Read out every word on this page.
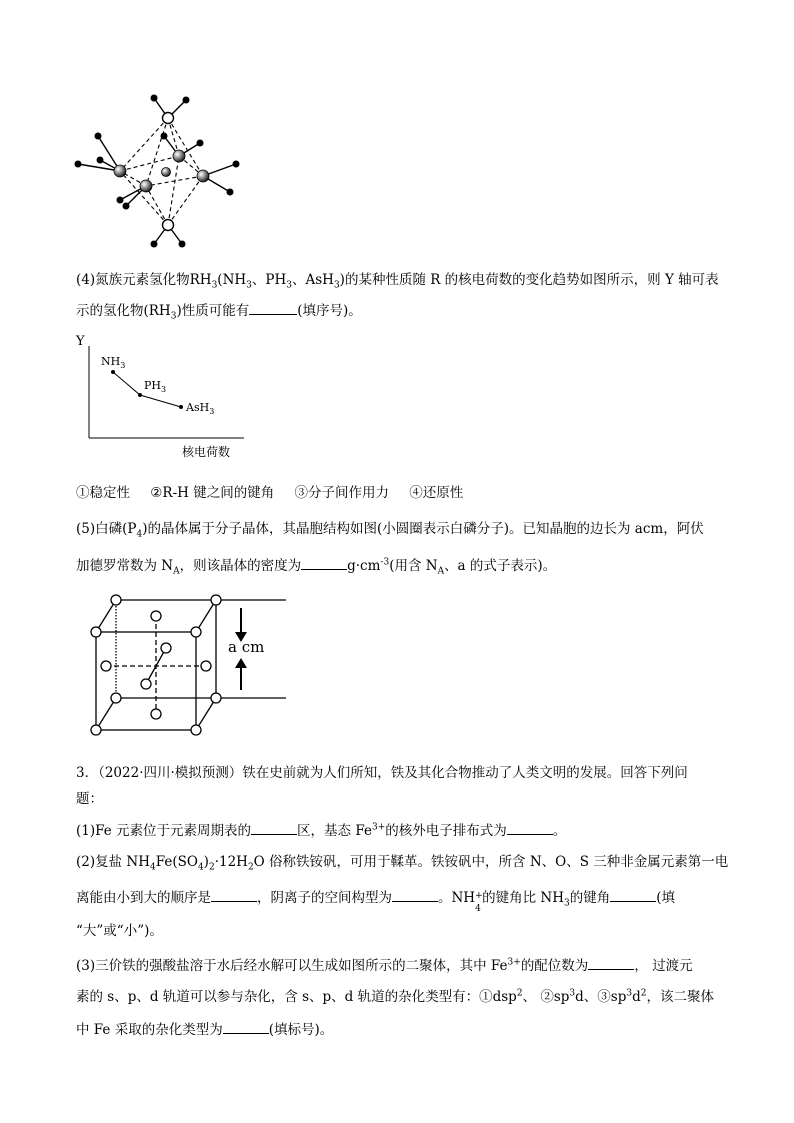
(4)氮族元素氢化物$RH_3(NH_3$、$PH_3$、AsH$_3$)的某种性质随 R 的核电荷数的变化趋势如图所示，则 Y 轴可表
示的氢化物$(RH_3)$性质可能有	(填序号)。
Y
$NH_3$
$PH_3$
AsH$_3$
核电荷数
①稳定性 ②R-H 键之间的键角 ③分子间作用力 ④还原性
(5)白磷$(P_4)$的晶体属于分子晶体，其晶胞结构如图(小圆圈表示白磷分子)。已知晶胞的边长为 acm，阿伏
加德罗常数为 $N_A$，则该晶体的密度为	$g\cdot cm^{-3}$(用含 $N_A$、a 的式子表示)。
a cm
3．（2022·四川·模拟预测）铁在史前就为人们所知，铁及其化合物推动了人类文明的发展。回答下列问
题：
(1)Fe 元素位于元素周期表的	区，基态 $Fe^{3+}$的核外电子排布式为	。
(2)复盐 $NH_4Fe(SO_4)_2\cdot 12H_2O$ 俗称铁铵矾，可用于鞣革。铁铵矾中，所含 N、O、S 三种非金属元素第一电
离能由小到大的顺序是	，阴离子的空间构型为	。NH +
4
的键角比 $NH_3$的键角	(填
“大”或“小”)。
(3)三价铁的强酸盐溶于水后经水解可以生成如图所示的二聚体，其中 $Fe^{3+}$的配位数为	， 过渡元
素的 s、p、d 轨道可以参与杂化，含 s、p、d 轨道的杂化类型有：①dsp$^2$、 $②sp^3d$、$③sp^3d^2$，该二聚体
中 Fe 采取的杂化类型为	(填标号)。
